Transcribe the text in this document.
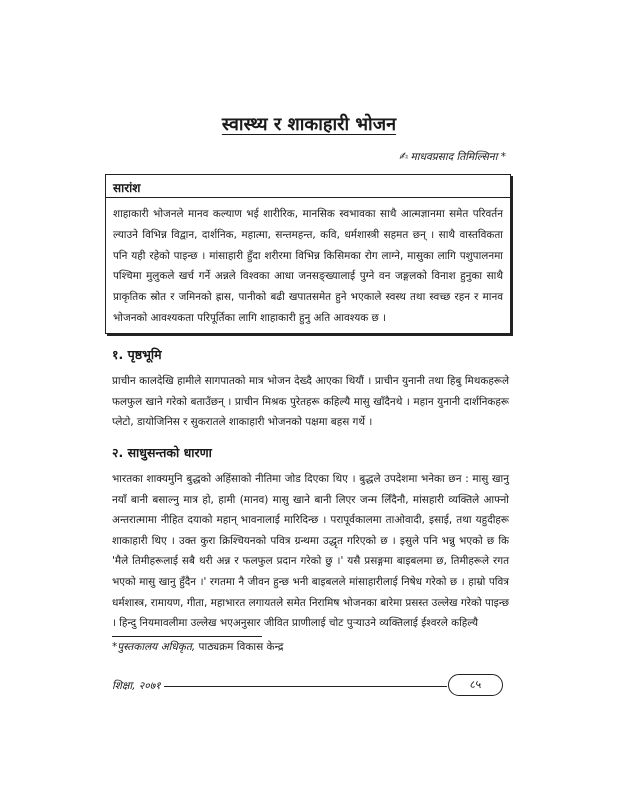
स्वास्थ्य र शाकाहारी भोजन
✍ माधवप्रसाद तिमिल्सिना *
सारांश

शाहाकारी भोजनले मानव कल्याण भई शारीरिक, मानसिक स्वभावका साथै आत्मज्ञानमा समेत परिवर्तन ल्याउने विभिन्न विद्वान, दार्शनिक, महात्मा, सन्तमहन्त, कवि, धर्मशास्त्री सहमत छन् । साथै वास्तविकता पनि यही रहेको पाइन्छ । मांसाहारी हुँदा शरीरमा विभिन्न किसिमका रोग लाग्ने, मासुका लागि पशुपालनमा पश्चिमा मुलुकले खर्च गर्ने अन्नले विश्वका आधा जनसङ्ख्यालाई पुग्ने वन जङ्गलको विनाश हुनुका साथै प्राकृतिक स्रोत र जमिनको ह्रास, पानीको बढी खपातसमेत हुने भएकाले स्वस्थ तथा स्वच्छ रहन र मानव भोजनको आवश्यकता परिपूर्तिका लागि शाहाकारी हुनु अति आवश्यक छ ।

१. पृष्ठभूमि

प्राचीन कालदेखि हामीले सागपातको मात्र भोजन देख्दै आएका थियौं । प्राचीन युनानी तथा हिबु मिथकहरूले फलफुल खाने गरेको बताउँछन् । प्राचीन मिश्रक पुरेतहरू कहिल्यै मासु खाँदैनथे । महान युनानी दार्शनिकहरू प्लेटो, डायोजिनिस र सुकरातले शाकाहारी भोजनको पक्षमा बहस गर्थे ।

२. साधुसन्तको धारणा

भारतका शाक्यमुनि बुद्धको अहिंसाको नीतिमा जोड दिएका थिए । बुद्धले उपदेशमा भनेका छन : मासु खानु नयाँ बानी बसाल्नु मात्र हो, हामी (मानव) मासु खाने बानी लिएर जन्म लिँदैनौ, मांसहारी व्यक्तिले आफ्नो अन्तरात्मामा नीहित दयाको महान् भावनालाई मारिदिन्छ । परापूर्वकालमा ताओवादी, इसाई, तथा यहुदीहरू शाकाहारी थिए । उक्त कुरा क्रिश्चियनको पवित्र ग्रन्थमा उद्धृत गरिएको छ । इसुले पनि भन्नु भएको छ कि 'मैले तिमीहरूलाई सबै थरी अन्न र फलफुल प्रदान गरेको छु ।' यसै प्रसङ्गमा बाइबलमा छ, तिमीहरूले रगत भएको मासु खानु हुँदैन ।' रगतमा नै जीवन हुन्छ भनी बाइबलले मांसाहारीलाई निषेध गरेको छ । हाम्रो पवित्र धर्मशास्त्र, रामायण, गीता, महाभारत लगायतले समेत निरामिष भोजनका बारेमा प्रसस्त उल्लेख गरेको पाइन्छ । हिन्दु नियमावलीमा उल्लेख भएअनुसार जीवित प्राणीलाई चोट पुऱ्याउने व्यक्तिलाई ईश्वरले कहिल्यै

*पुस्तकालय अधिकृत, पाठ्यक्रम विकास केन्द्र
शिक्षा, २०७१	८५
